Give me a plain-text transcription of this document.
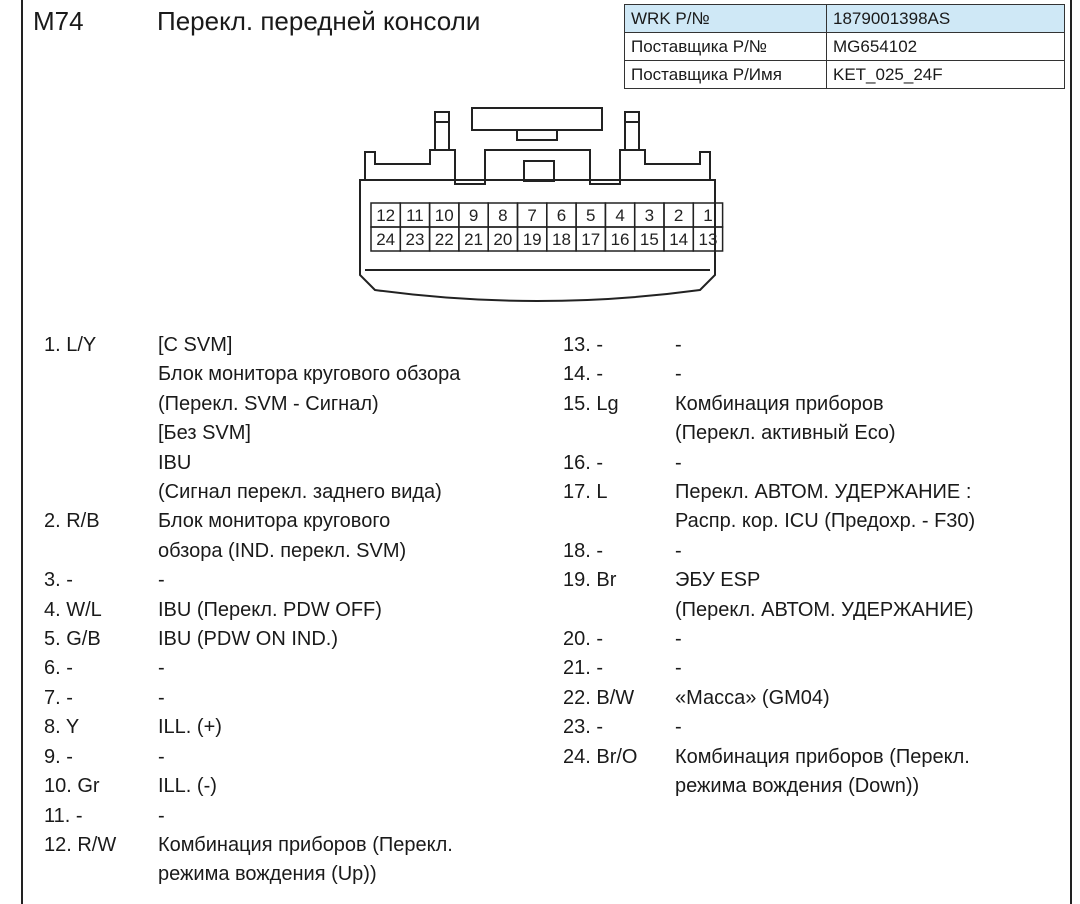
M74	Перекл. передней консоли	WRK P/№	1879001398AS
Поставщика P/№	MG654102
Поставщика P/Имя	KET_025_24F
12 11 10 9 8 7 6 5 4 3 2 1
24 23 22 21 20 19 18 17 16 15 14 13
1. L/Y	[С SVM]
Блок монитора кругового обзора
(Перекл. SVM - Сигнал)
[Без SVM]
IBU
(Сигнал перекл. заднего вида)
2. R/B	Блок монитора кругового
обзора (IND. перекл. SVM)
3. -	-
4. W/L	IBU (Перекл. PDW OFF)
5. G/B	IBU (PDW ON IND.)
6. -	-
7. -	-
8. Y	ILL. (+)
9. -	-
10. Gr	ILL. (-)
11. -	-
12. R/W	Комбинация приборов (Перекл.
режима вождения (Up))
13. -	-
14. -	-
15. Lg	Комбинация приборов
(Перекл. активный Eco)
16. -	-
17. L	Перекл. АВТОМ. УДЕРЖАНИЕ :
Распр. кор. ICU (Предохр. - F30)
18. -	-
19. Br	ЭБУ ESP
(Перекл. АВТОМ. УДЕРЖАНИЕ)
20. -	-
21. -	-
22. B/W	«Масса» (GM04)
23. -	-
24. Br/O	Комбинация приборов (Перекл.
режима вождения (Down))
